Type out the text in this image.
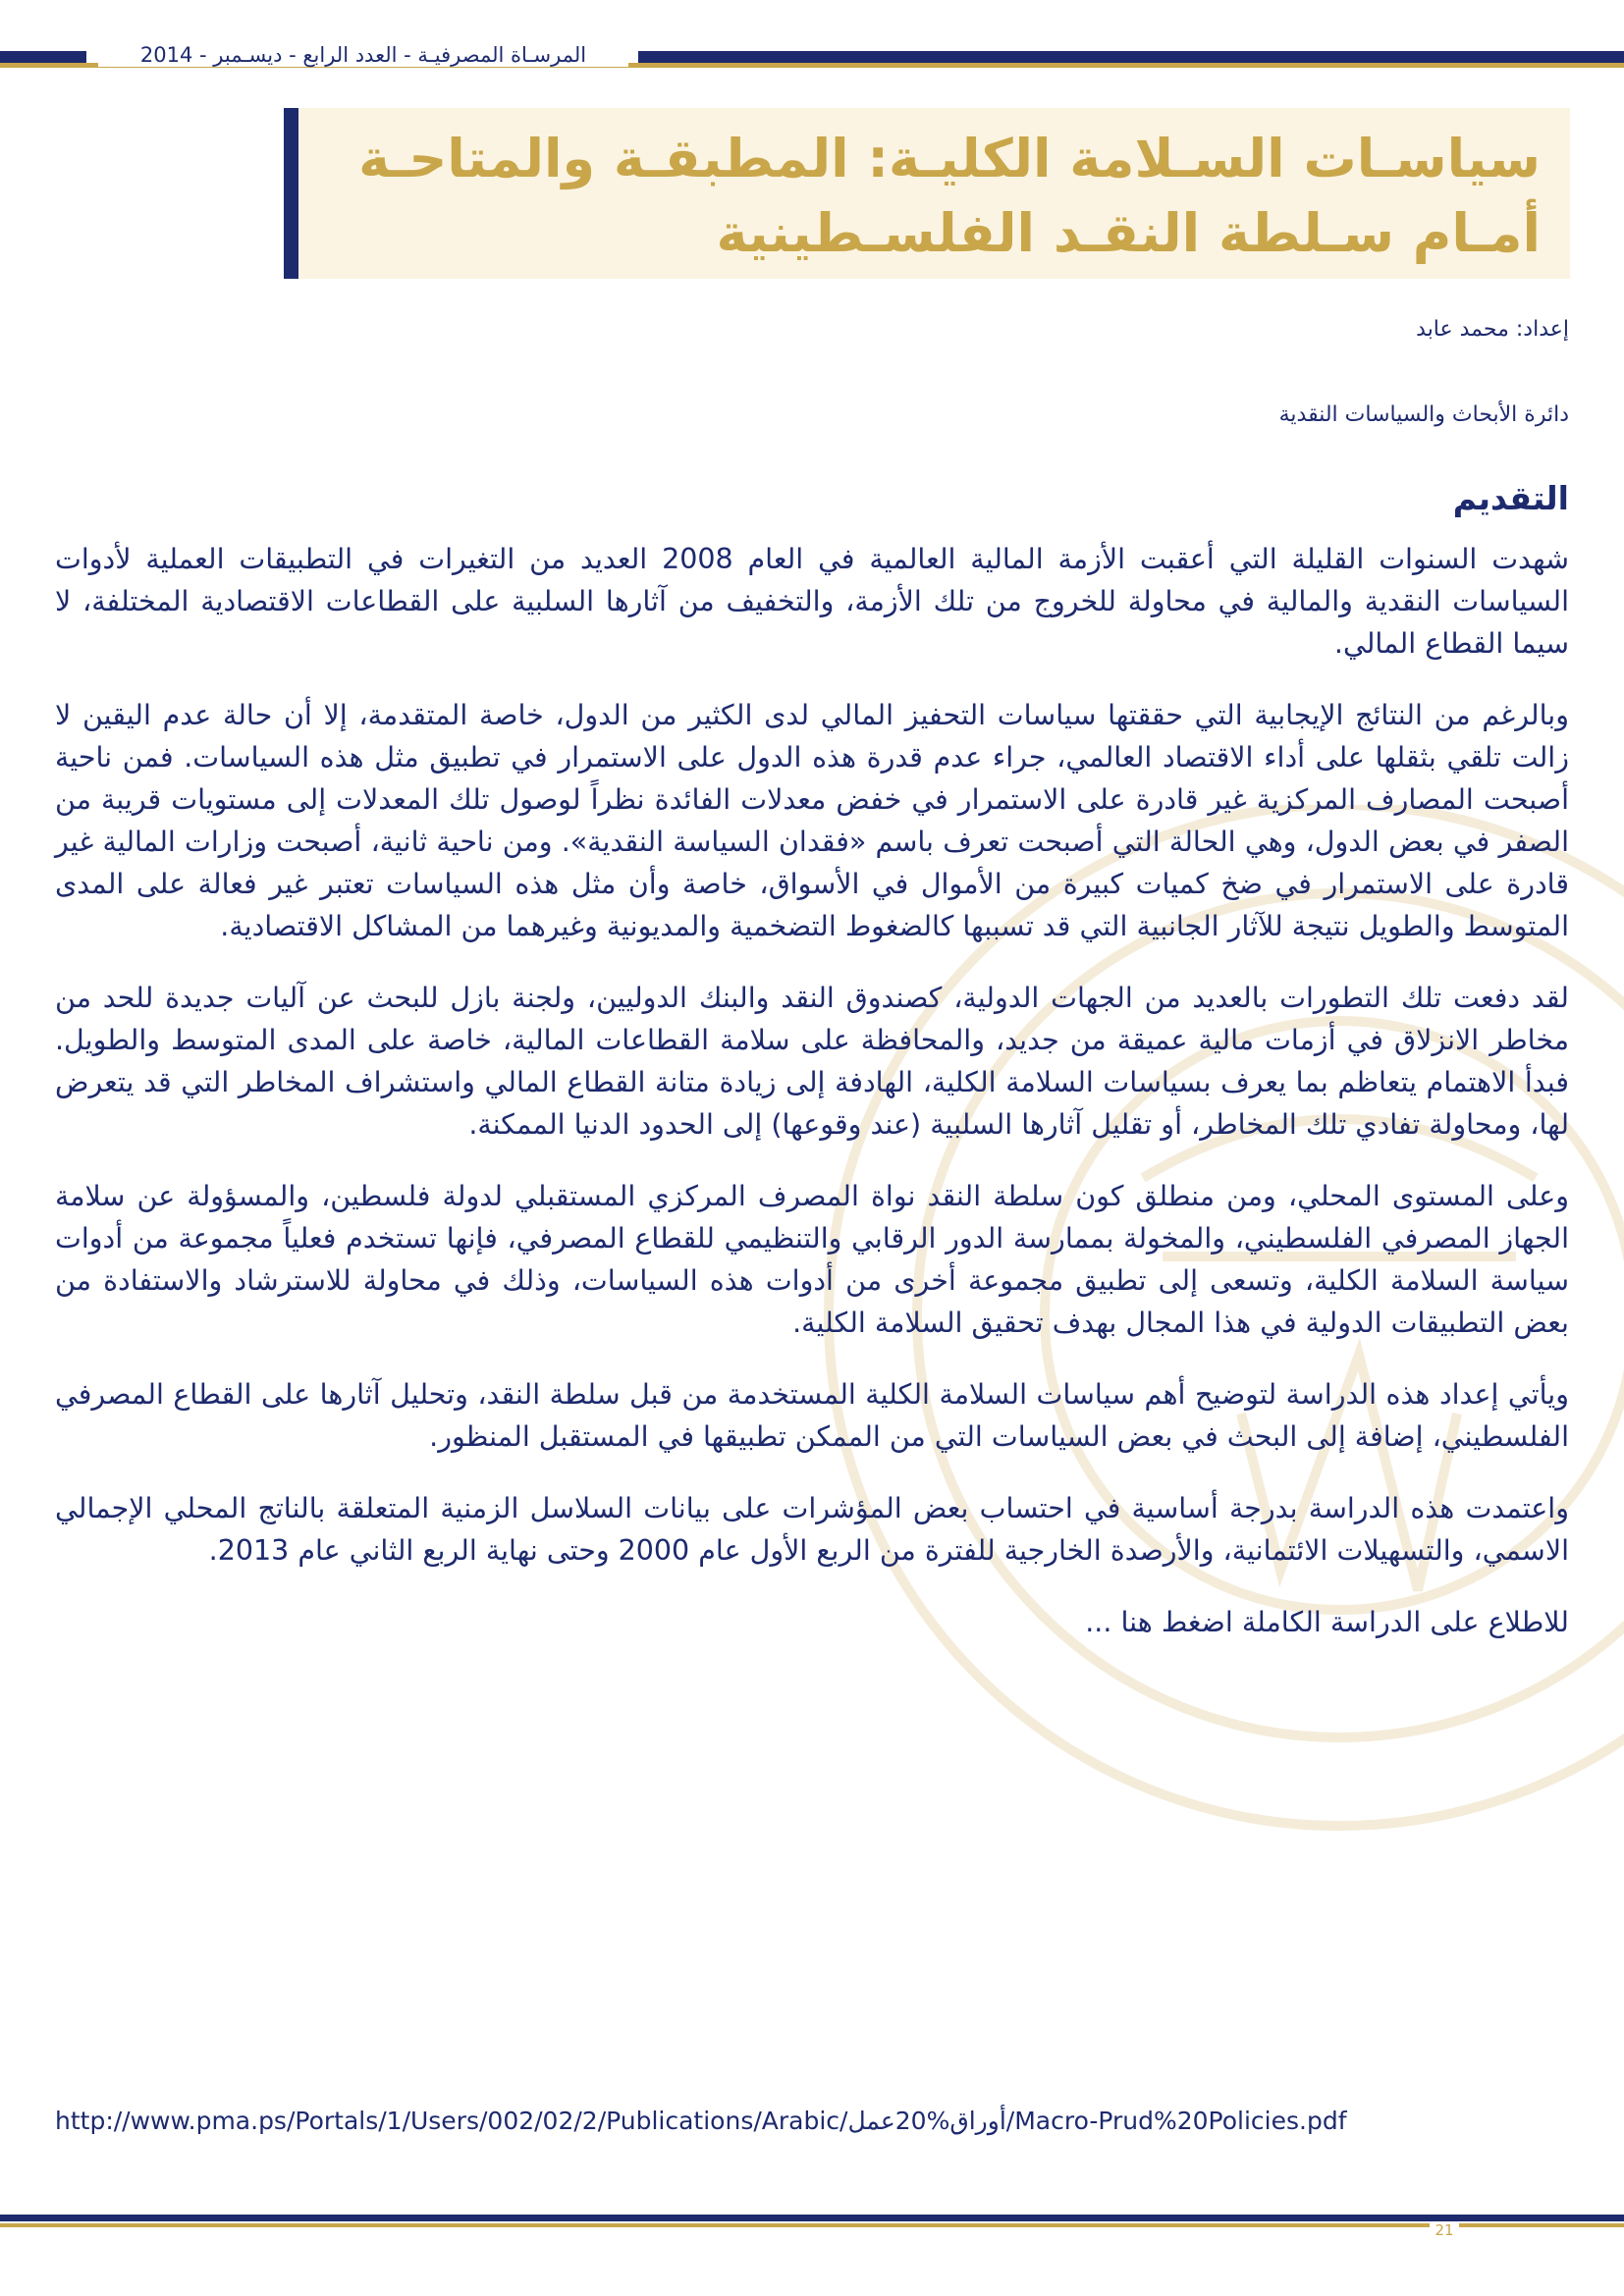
المرسـاة المصرفيـة - العدد الرابع - ديسـمبر - 2014
سياسـات السـلامة الكليـة: المطبقـة والمتاحـة أمـام سـلطة النقـد الفلسـطينية
إعداد: محمد عابد
دائرة الأبحاث والسياسات النقدية
التقديم

شهدت السنوات القليلة التي أعقبت الأزمة المالية العالمية في العام 2008 العديد من التغيرات في التطبيقات العملية لأدوات السياسات النقدية والمالية في محاولة للخروج من تلك الأزمة، والتخفيف من آثارها السلبية على القطاعات الاقتصادية المختلفة، لا سيما القطاع المالي.

وبالرغم من النتائج الإيجابية التي حققتها سياسات التحفيز المالي لدى الكثير من الدول، خاصة المتقدمة، إلا أن حالة عدم اليقين لا زالت تلقي بثقلها على أداء الاقتصاد العالمي، جراء عدم قدرة هذه الدول على الاستمرار في تطبيق مثل هذه السياسات. فمن ناحية أصبحت المصارف المركزية غير قادرة على الاستمرار في خفض معدلات الفائدة نظراً لوصول تلك المعدلات إلى مستويات قريبة من الصفر في بعض الدول، وهي الحالة التي أصبحت تعرف باسم «فقدان السياسة النقدية». ومن ناحية ثانية، أصبحت وزارات المالية غير قادرة على الاستمرار في ضخ كميات كبيرة من الأموال في الأسواق، خاصة وأن مثل هذه السياسات تعتبر غير فعالة على المدى المتوسط والطويل نتيجة للآثار الجانبية التي قد تسببها كالضغوط التضخمية والمديونية وغيرهما من المشاكل الاقتصادية.

لقد دفعت تلك التطورات بالعديد من الجهات الدولية، كصندوق النقد والبنك الدوليين، ولجنة بازل للبحث عن آليات جديدة للحد من مخاطر الانزلاق في أزمات مالية عميقة من جديد، والمحافظة على سلامة القطاعات المالية، خاصة على المدى المتوسط والطويل. فبدأ الاهتمام يتعاظم بما يعرف بسياسات السلامة الكلية، الهادفة إلى زيادة متانة القطاع المالي واستشراف المخاطر التي قد يتعرض لها، ومحاولة تفادي تلك المخاطر، أو تقليل آثارها السلبية (عند وقوعها) إلى الحدود الدنيا الممكنة.

وعلى المستوى المحلي، ومن منطلق كون سلطة النقد نواة المصرف المركزي المستقبلي لدولة فلسطين، والمسؤولة عن سلامة الجهاز المصرفي الفلسطيني، والمخولة بممارسة الدور الرقابي والتنظيمي للقطاع المصرفي، فإنها تستخدم فعلياً مجموعة من أدوات سياسة السلامة الكلية، وتسعى إلى تطبيق مجموعة أخرى من أدوات هذه السياسات، وذلك في محاولة للاسترشاد والاستفادة من بعض التطبيقات الدولية في هذا المجال بهدف تحقيق السلامة الكلية.

ويأتي إعداد هذه الدراسة لتوضيح أهم سياسات السلامة الكلية المستخدمة من قبل سلطة النقد، وتحليل آثارها على القطاع المصرفي الفلسطيني، إضافة إلى البحث في بعض السياسات التي من الممكن تطبيقها في المستقبل المنظور.

واعتمدت هذه الدراسة بدرجة أساسية في احتساب بعض المؤشرات على بيانات السلاسل الزمنية المتعلقة بالناتج المحلي الإجمالي الاسمي، والتسهيلات الائتمانية، والأرصدة الخارجية للفترة من الربع الأول عام 2000 وحتى نهاية الربع الثاني عام 2013.

للاطلاع على الدراسة الكاملة اضغط هنا ...

http://www.pma.ps/Portals/1/Users/002/02/2/Publications/Arabic/أوراق%20عمل/Macro-Prud%20Policies.pdf
21
